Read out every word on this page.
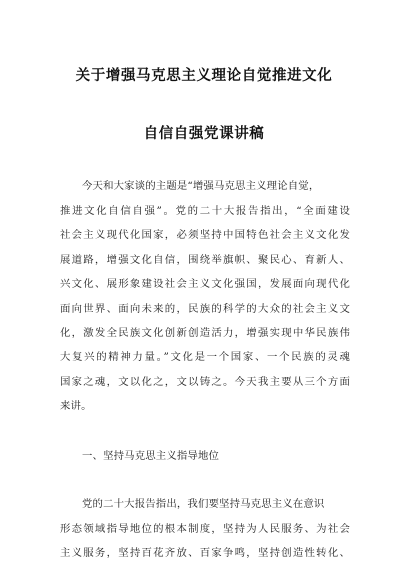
关于增强马克思主义理论自觉推进文化
自信自强党课讲稿
今天和大家谈的主题是“增强马克思主义理论自觉，
推进文化自信自强”。党的二十大报告指出，“全面建设
社会主义现代化国家，必须坚持中国特色社会主义文化发
展道路，增强文化自信，围绕举旗帜、聚民心、育新人、
兴文化、展形象建设社会主义文化强国，发展面向现代化
面向世界、面向未来的，民族的科学的大众的社会主义文
化，激发全民族文化创新创造活力，增强实现中华民族伟
大复兴的精神力量。”文化是一个国家、一个民族的灵魂
国家之魂，文以化之，文以铸之。今天我主要从三个方面
来讲。
一、坚持马克思主义指导地位
党的二十大报告指出，我们要坚持马克思主义在意识
形态领域指导地位的根本制度，坚持为人民服务、为社会
主义服务，坚持百花齐放、百家争鸣，坚持创造性转化、
